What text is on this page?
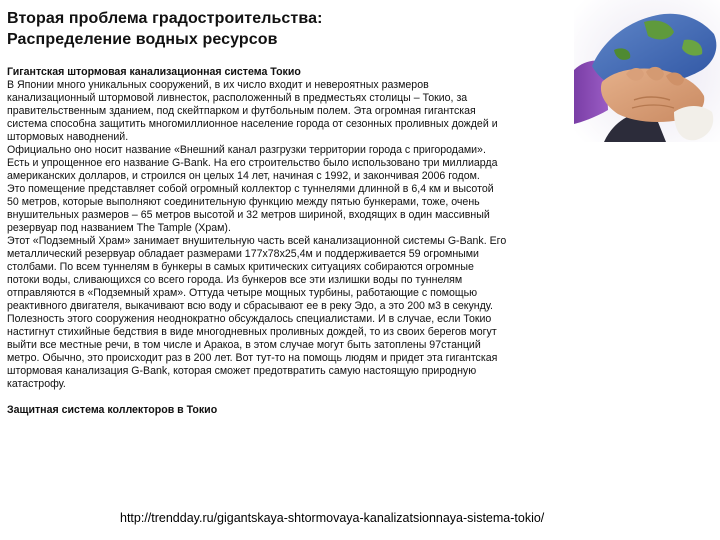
Вторая проблема градостроительства:
Распределение водных ресурсов

Гигантская штормовая канализационная система Токио

В Японии много уникальных сооружений, в их число входит и невероятных размеров

канализационный штормовой ливнесток, расположенный в предместьях столицы – Токио, за

правительственным зданием, под скейтпарком и футбольным полем. Эта огромная гигантская

система способна защитить многомиллионное население города от сезонных проливных дождей и

штормовых наводнений.

Официально оно носит название «Внешний канал разгрузки территории города с пригородами».

Есть и упрощенное его название G-Bank. На его строительство было использовано три миллиарда

американских долларов, и строился он целых 14 лет, начиная с 1992, и закончивая 2006 годом.

Это помещение представляет собой огромный коллектор с туннелями длинной в 6,4 км и высотой

50 метров, которые выполняют соединительную функцию между пятью бункерами, тоже, очень

внушительных размеров – 65 метров высотой и 32 метров шириной, входящих в один массивный

резервуар под названием The Tample (Храм).

Этот «Подземный Храм» занимает внушительную часть всей канализационной системы G-Bank. Его

металлический резервуар обладает размерами 177х78х25,4м и поддерживается 59 огромными

столбами. По всем туннелям в бункеры в самых критических ситуациях собираются огромные

потоки воды, сливающихся со всего города. Из бункеров все эти излишки воды по туннелям

отправляются в «Подземный храм». Оттуда четыре мощных турбины, работающие с помощью

реактивного двигателя, выкачивают всю воду и сбрасывают ее в реку Эдо, а это 200 м3 в секунду.

Полезность этого сооружения неоднократно обсуждалось специалистами. И в случае, если Токио

настигнут стихийные бедствия в виде многодневных проливных дождей, то из своих берегов могут

выйти все местные речи, в том числе и Аракоа, в этом случае могут быть затоплены 97станций

метро. Обычно, это происходит раз в 200 лет. Вот тут-то на помощь людям и придет эта гигантская

штормовая канализация G-Bank, которая сможет предотвратить самую настоящую природную

катастрофу.

Защитная система коллекторов в Токио

http://trendday.ru/gigantskaya-shtormovaya-kanalizatsionnaya-sistema-tokio/
